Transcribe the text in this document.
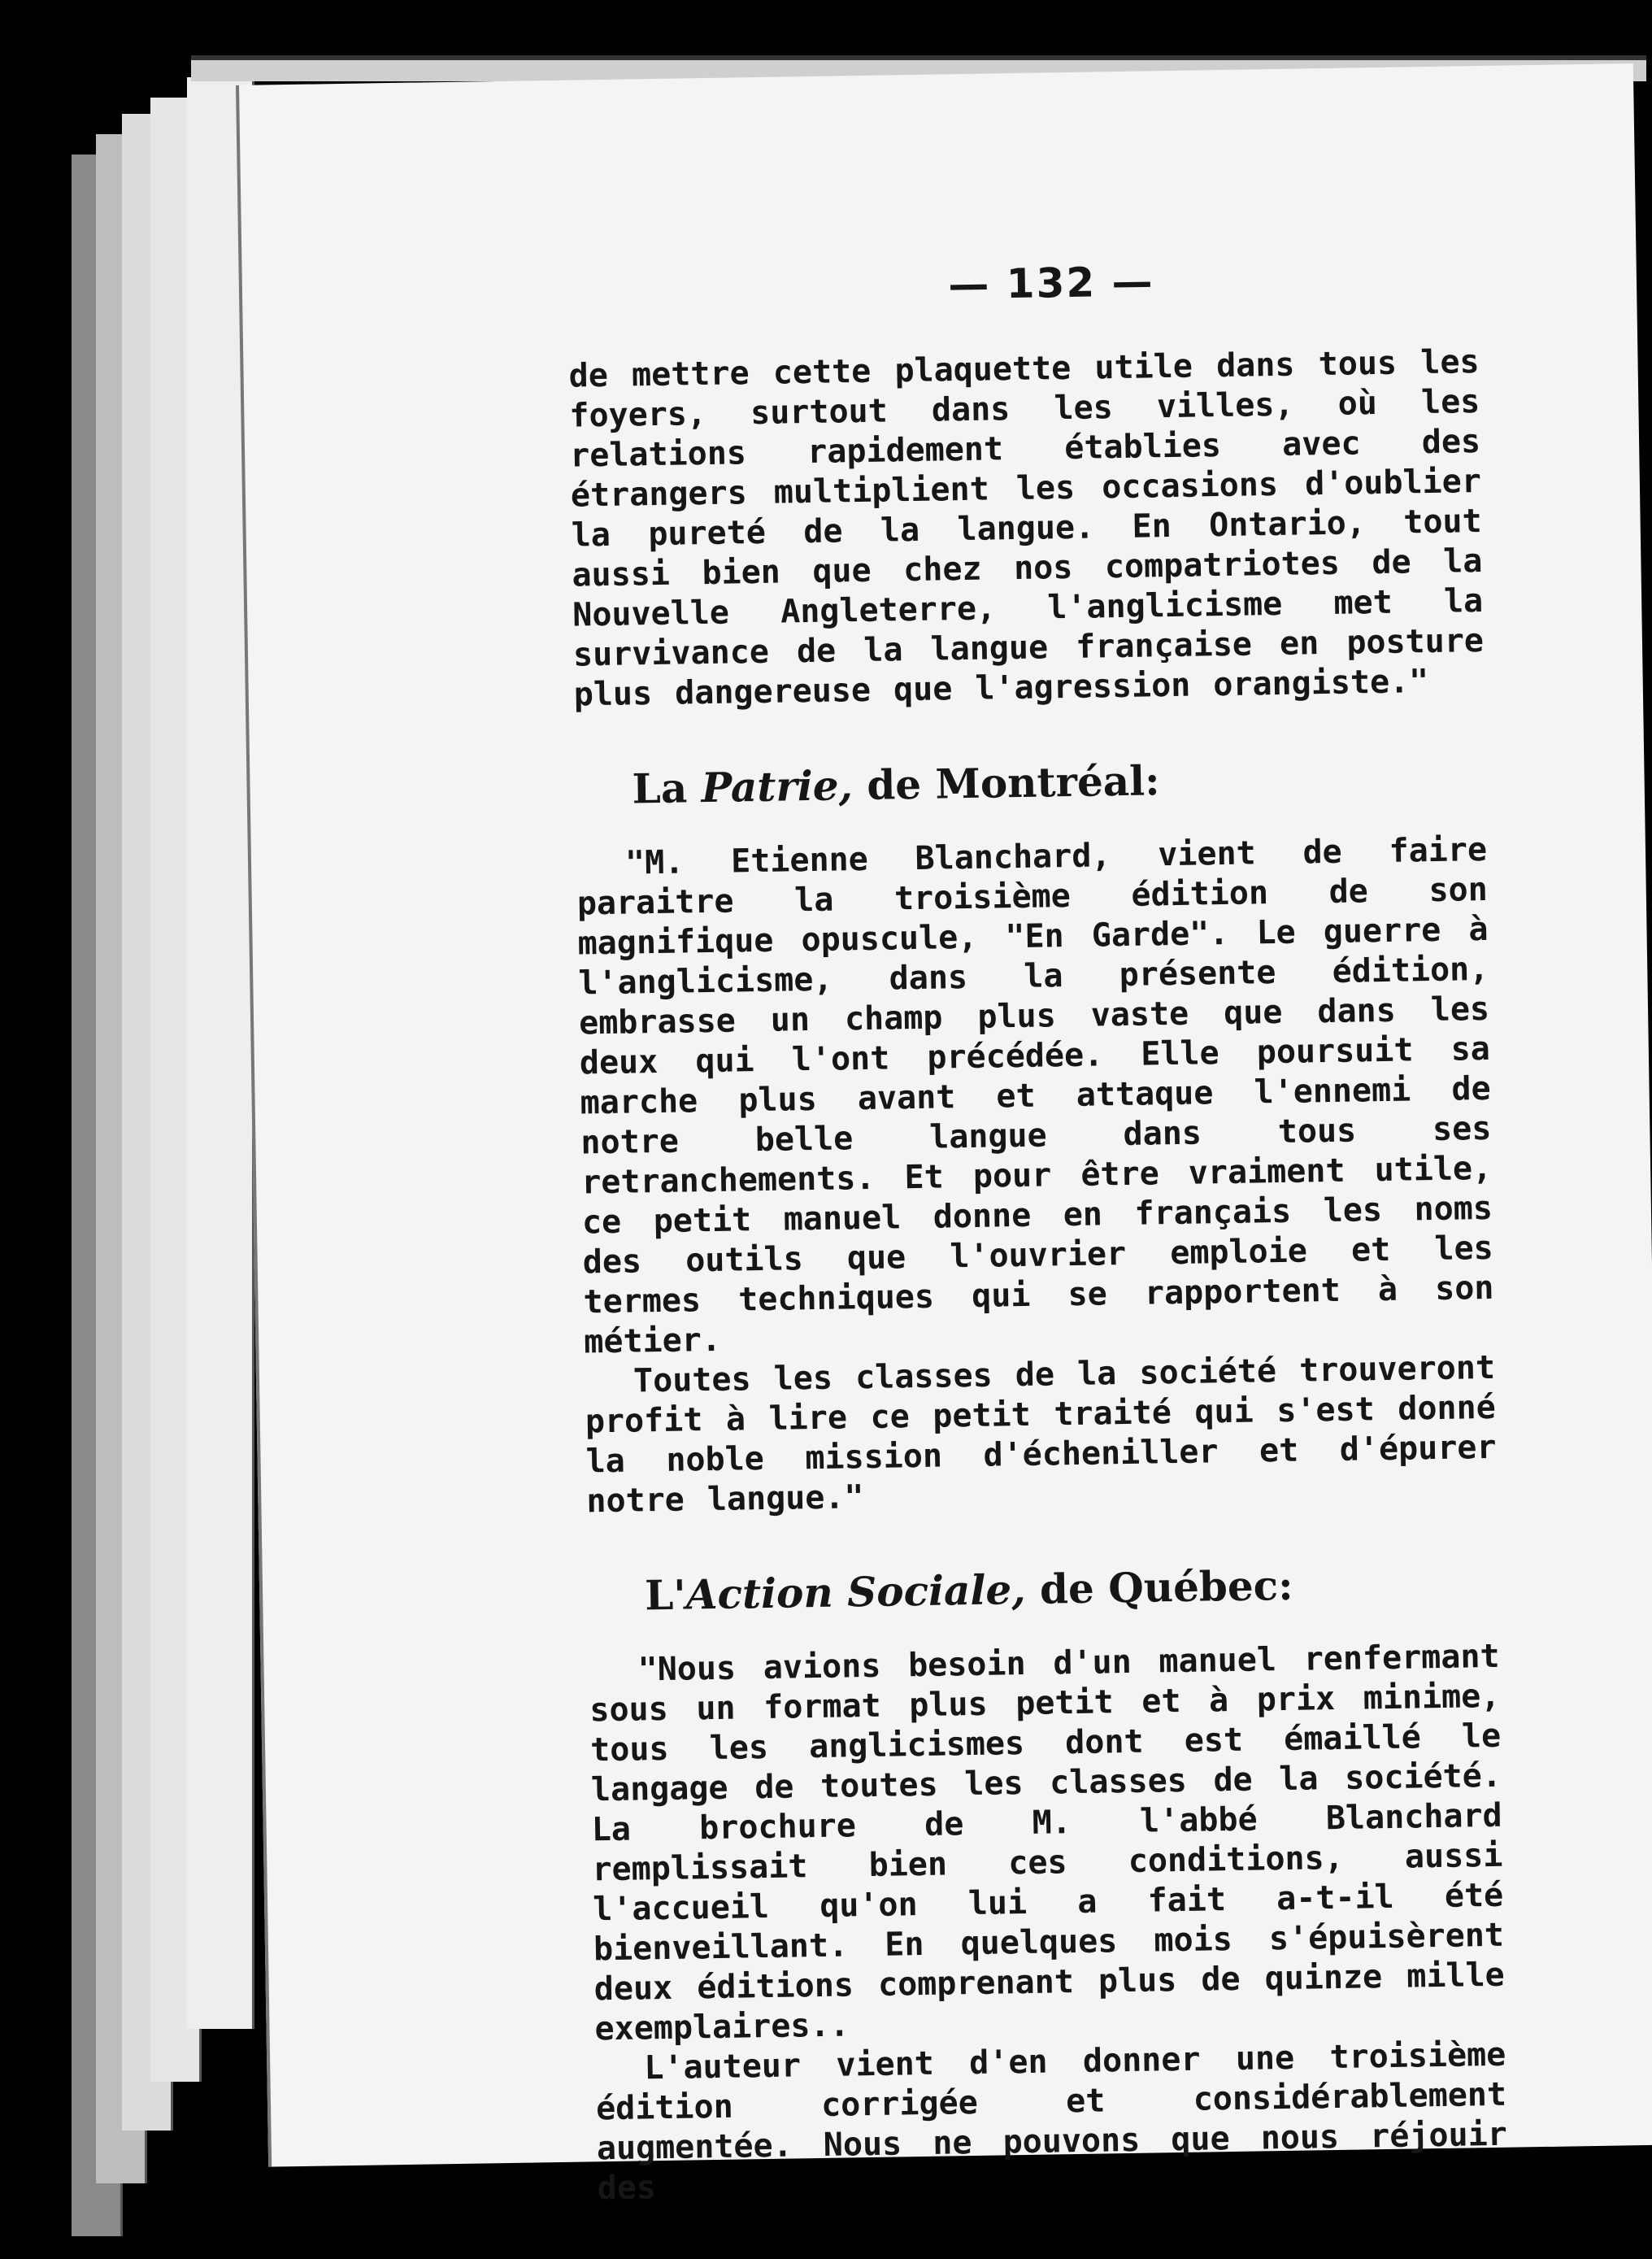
— 132 —

de mettre cette plaquette utile dans tous les foyers, surtout dans les villes, où les relations rapidement établies avec des étrangers multiplient les occasions d'oublier la pureté de la langue. En Ontario, tout aussi bien que chez nos compatriotes de la Nouvelle Angleterre, l'anglicisme met la survivance de la langue française en posture plus dangereuse que l'agression orangiste."

La Patrie, de Montréal:

"M. Etienne Blanchard, vient de faire paraitre la troisième édition de son magnifique opuscule, "En Garde". Le guerre à l'anglicisme, dans la présente édition, embrasse un champ plus vaste que dans les deux qui l'ont précédée. Elle poursuit sa marche plus avant et attaque l'ennemi de notre belle langue dans tous ses retranchements. Et pour être vraiment utile, ce petit manuel donne en français les noms des outils que l'ouvrier emploie et les termes techniques qui se rapportent à son métier.

Toutes les classes de la société trouveront profit à lire ce petit traité qui s'est donné la noble mission d'écheniller et d'épurer notre langue."

L'Action Sociale, de Québec:

"Nous avions besoin d'un manuel renfermant sous un format plus petit et à prix minime, tous les anglicismes dont est émaillé le langage de toutes les classes de la société. La brochure de M. l'abbé Blanchard remplissait bien ces conditions, aussi l'accueil qu'on lui a fait a-t-il été bienveillant. En quelques mois s'épuisèrent deux éditions comprenant plus de quinze mille exemplaires..

L'auteur vient d'en donner une troisième édition corrigée et considérablement augmentée. Nous ne pouvons que nous réjouir des
